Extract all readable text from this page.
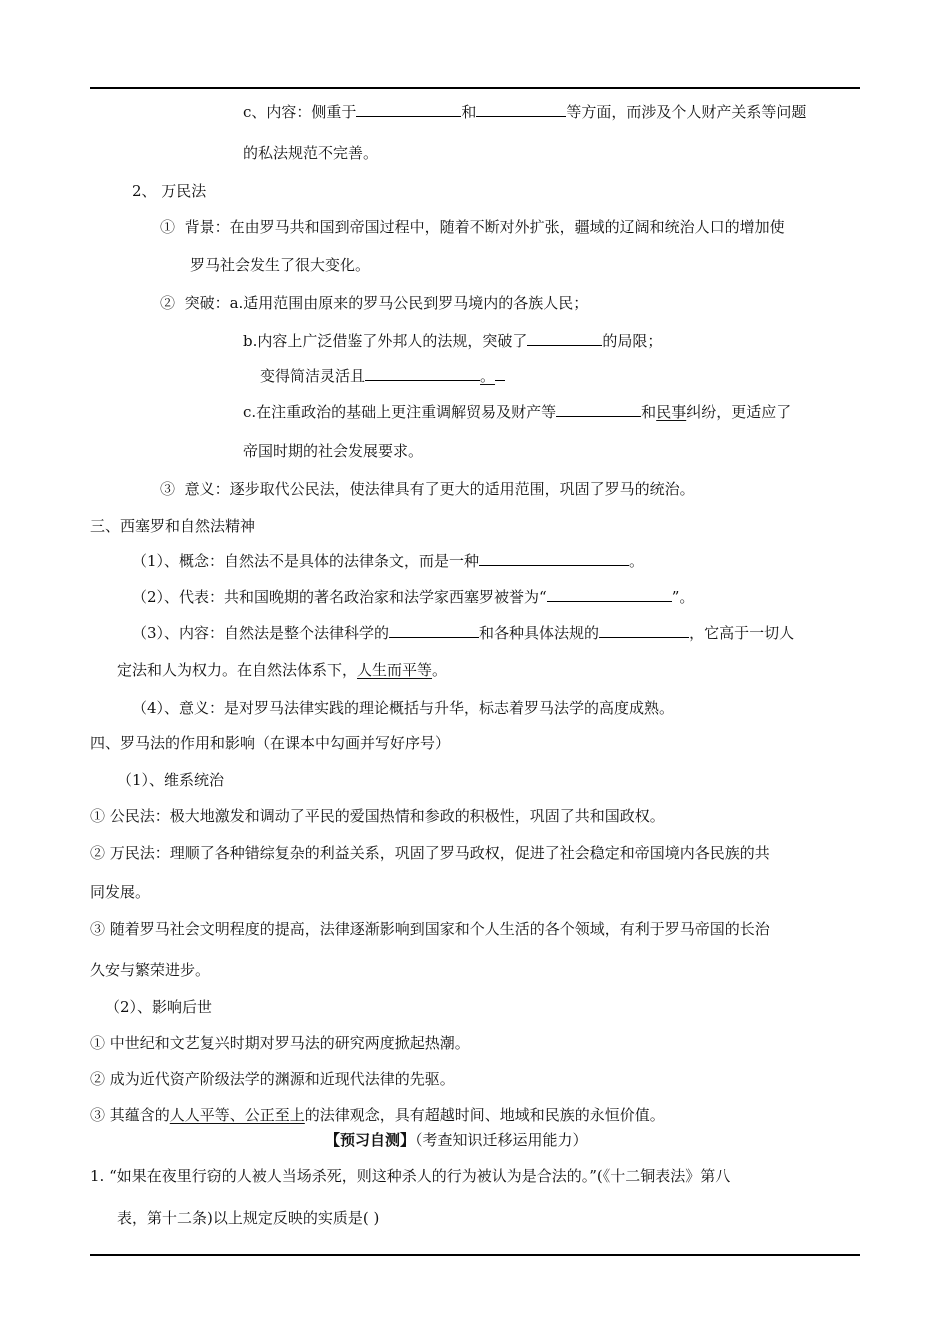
c、内容：侧重于	和	等方面，而涉及个人财产关系等问题
的私法规范不完善。
2、 万民法
① 背景：在由罗马共和国到帝国过程中，随着不断对外扩张，疆域的辽阔和统治人口的增加使
罗马社会发生了很大变化。
② 突破：a.适用范围由原来的罗马公民到罗马境内的各族人民；
b.内容上广泛借鉴了外邦人的法规，突破了	的局限；
变得简洁灵活且	。
c.在注重政治的基础上更注重调解贸易及财产等	和民事纠纷，更适应了
帝国时期的社会发展要求。
③ 意义：逐步取代公民法，使法律具有了更大的适用范围，巩固了罗马的统治。
三、西塞罗和自然法精神
（1）、概念：自然法不是具体的法律条文，而是一种	。
（2）、代表：共和国晚期的著名政治家和法学家西塞罗被誉为“	”。
（3）、内容：自然法是整个法律科学的	和各种具体法规的	，它高于一切人
定法和人为权力。在自然法体系下，人生而平等。
（4）、意义：是对罗马法律实践的理论概括与升华，标志着罗马法学的高度成熟。
四、罗马法的作用和影响（在课本中勾画并写好序号）
（1）、维系统治
① 公民法：极大地激发和调动了平民的爱国热情和参政的积极性，巩固了共和国政权。
② 万民法：理顺了各种错综复杂的利益关系，巩固了罗马政权，促进了社会稳定和帝国境内各民族的共
同发展。
③ 随着罗马社会文明程度的提高，法律逐渐影响到国家和个人生活的各个领域，有利于罗马帝国的长治
久安与繁荣进步。
（2）、影响后世
① 中世纪和文艺复兴时期对罗马法的研究两度掀起热潮。
② 成为近代资产阶级法学的渊源和近现代法律的先驱。
③ 其蕴含的人人平等、公正至上的法律观念，具有超越时间、地域和民族的永恒价值。
【预习自测】（考查知识迁移运用能力）
1. “如果在夜里行窃的人被人当场杀死，则这种杀人的行为被认为是合法的。”(《十二铜表法》第八
表，第十二条)以上规定反映的实质是( )
